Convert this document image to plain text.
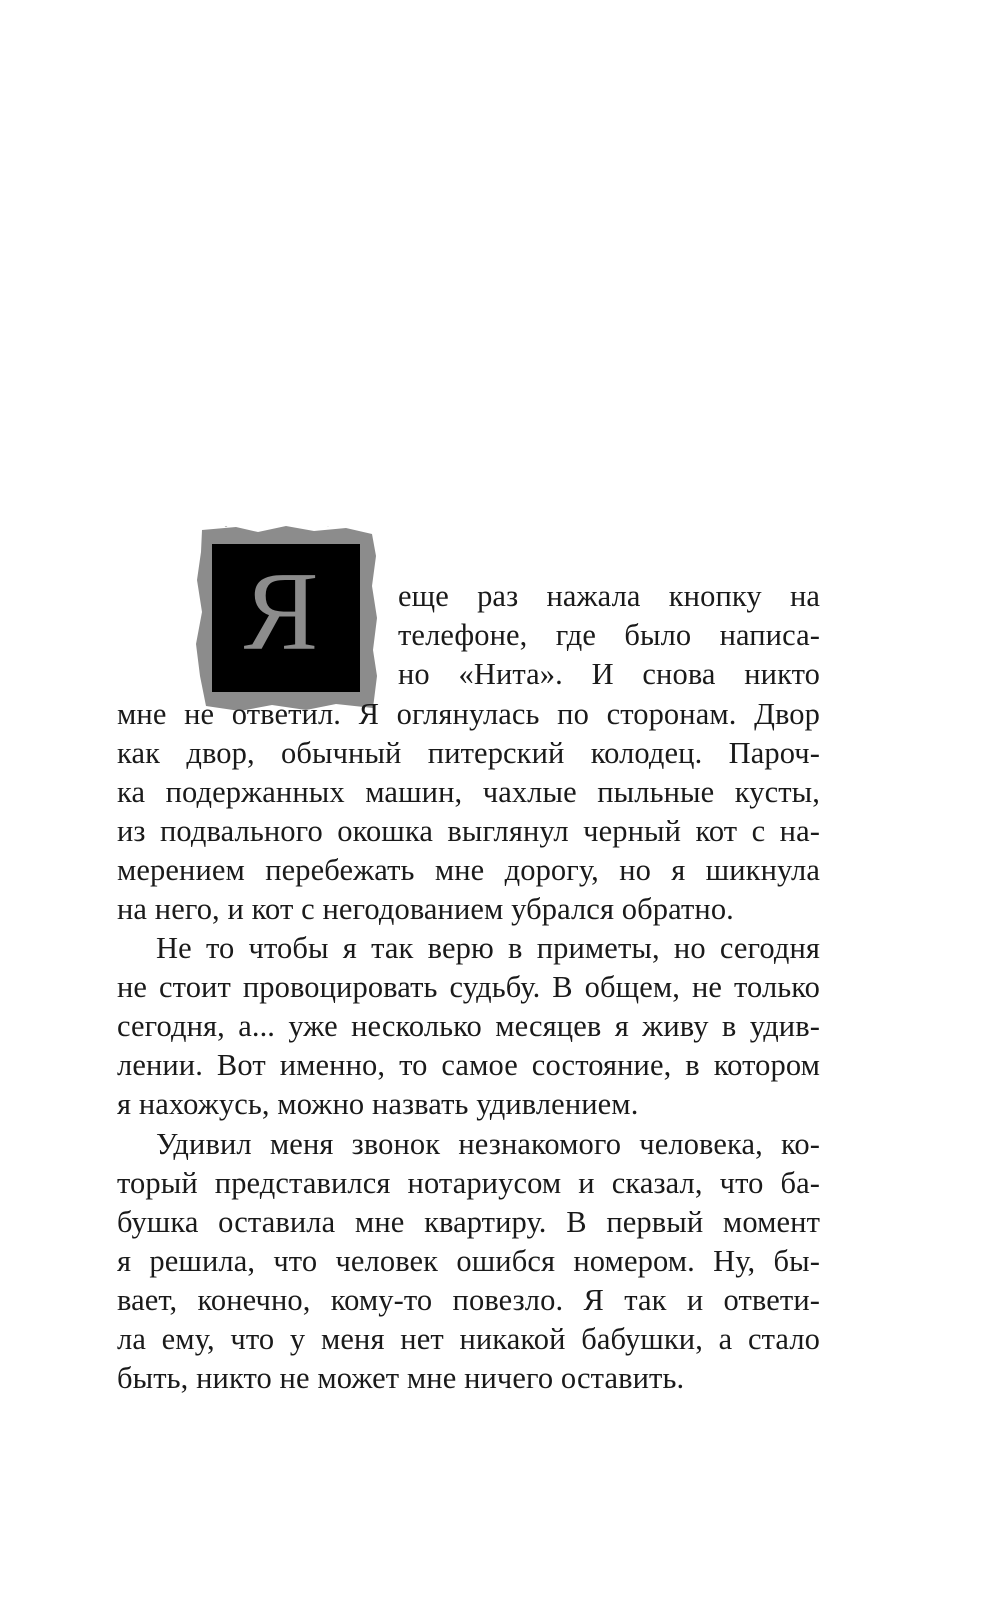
Я	еще раз нажала кнопку на
телефоне, где было написа-
но «Нита». И снова никто
мне не ответил. Я оглянулась по сторонам. Двор
как двор, обычный питерский колодец. Пароч-
ка подержанных машин, чахлые пыльные кусты,
из подвального окошка выглянул черный кот с на-
мерением перебежать мне дорогу, но я шикнула
на него, и кот с негодованием убрался обратно.
Не то чтобы я так верю в приметы, но сегодня
не стоит провоцировать судьбу. В общем, не только
сегодня, а... уже несколько месяцев я живу в удив-
лении. Вот именно, то самое состояние, в котором
я нахожусь, можно назвать удивлением.
Удивил меня звонок незнакомого человека, ко-
торый представился нотариусом и сказал, что ба-
бушка оставила мне квартиру. В первый момент
я решила, что человек ошибся номером. Ну, бы-
вает, конечно, кому-то повезло. Я так и ответи-
ла ему, что у меня нет никакой бабушки, а стало
быть, никто не может мне ничего оставить.
